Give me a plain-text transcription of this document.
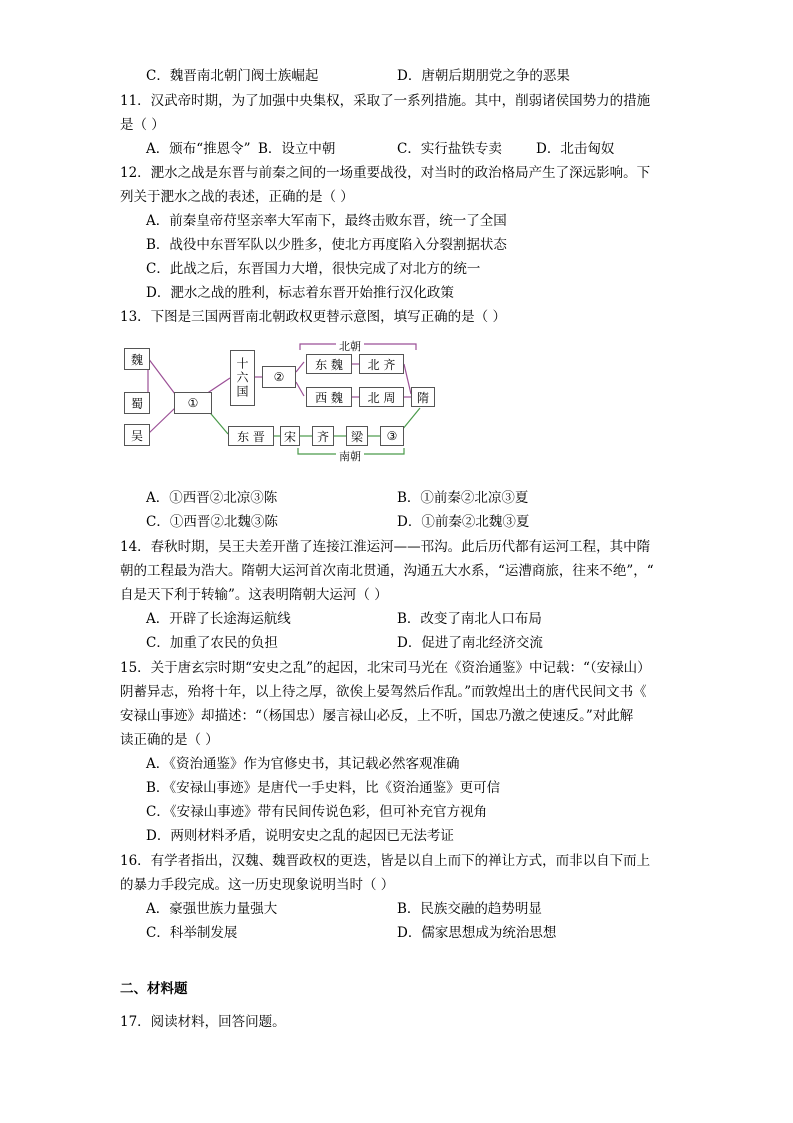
C．魏晋南北朝门阀士族崛起	D．唐朝后期朋党之争的恶果
11．汉武帝时期，为了加强中央集权，采取了一系列措施。其中，削弱诸侯国势力的措施
是（ ）
A．颁布“推恩令” B．设立中朝	C．实行盐铁专卖	D．北击匈奴
12．淝水之战是东晋与前秦之间的一场重要战役，对当时的政治格局产生了深远影响。下
列关于淝水之战的表述，正确的是（ ）
A．前秦皇帝苻坚亲率大军南下，最终击败东晋，统一了全国
B．战役中东晋军队以少胜多，使北方再度陷入分裂割据状态
C．此战之后，东晋国力大增，很快完成了对北方的统一
D．淝水之战的胜利，标志着东晋开始推行汉化政策
13．下图是三国两晋南北朝政权更替示意图，填写正确的是（ ）
魏
蜀
吴
①
十六国	②
北朝
东 魏	北 齐
西 魏	北 周	隋
东 晋	宋	齐	梁	③
南朝
A．①西晋②北凉③陈	B．①前秦②北凉③夏
C．①西晋②北魏③陈	D．①前秦②北魏③夏
14．春秋时期，吴王夫差开凿了连接江淮运河——邗沟。此后历代都有运河工程，其中隋
朝的工程最为浩大。隋朝大运河首次南北贯通，沟通五大水系，“运漕商旅，往来不绝”，“
自是天下利于转输”。这表明隋朝大运河（ ）
A．开辟了长途海运航线	B．改变了南北人口布局
C．加重了农民的负担	D．促进了南北经济交流
15．关于唐玄宗时期“安史之乱”的起因，北宋司马光在《资治通鉴》中记载：“（安禄山）
阴蓄异志，殆将十年，以上待之厚，欲俟上晏驾然后作乱。”而敦煌出土的唐代民间文书《
安禄山事迹》却描述：“（杨国忠）屡言禄山必反，上不听，国忠乃激之使速反。”对此解
读正确的是（ ）
A．《资治通鉴》作为官修史书，其记载必然客观准确
B．《安禄山事迹》是唐代一手史料，比《资治通鉴》更可信
C．《安禄山事迹》带有民间传说色彩，但可补充官方视角
D．两则材料矛盾，说明安史之乱的起因已无法考证
16．有学者指出，汉魏、魏晋政权的更迭，皆是以自上而下的禅让方式，而非以自下而上
的暴力手段完成。这一历史现象说明当时（ ）
A．豪强世族力量强大	B．民族交融的趋势明显
C．科举制发展	D．儒家思想成为统治思想
二、材料题
17．阅读材料，回答问题。
